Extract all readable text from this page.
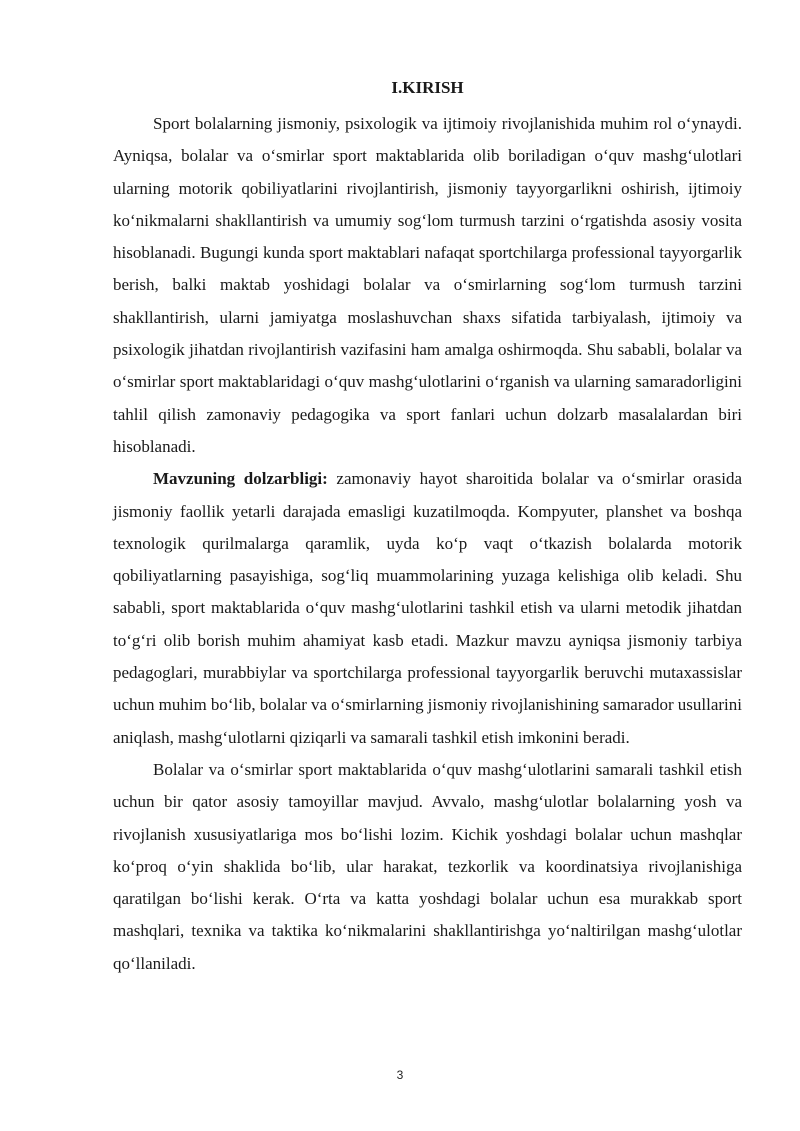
I.KIRISH

Sport bolalarning jismoniy, psixologik va ijtimoiy rivojlanishida muhim rol o‘ynaydi. Ayniqsa, bolalar va o‘smirlar sport maktablarida olib boriladigan o‘quv mashg‘ulotlari ularning motorik qobiliyatlarini rivojlantirish, jismoniy tayyorgarlikni oshirish, ijtimoiy ko‘nikmalarni shakllantirish va umumiy sog‘lom turmush tarzini o‘rgatishda asosiy vosita hisoblanadi. Bugungi kunda sport maktablari nafaqat sportchilarga professional tayyorgarlik berish, balki maktab yoshidagi bolalar va o‘smirlarning sog‘lom turmush tarzini shakllantirish, ularni jamiyatga moslashuvchan shaxs sifatida tarbiyalash, ijtimoiy va psixologik jihatdan rivojlantirish vazifasini ham amalga oshirmoqda. Shu sababli, bolalar va o‘smirlar sport maktablaridagi o‘quv mashg‘ulotlarini o‘rganish va ularning samaradorligini tahlil qilish zamonaviy pedagogika va sport fanlari uchun dolzarb masalalardan biri hisoblanadi.

Mavzuning dolzarbligi: zamonaviy hayot sharoitida bolalar va o‘smirlar orasida jismoniy faollik yetarli darajada emasligi kuzatilmoqda. Kompyuter, planshet va boshqa texnologik qurilmalarga qaramlik, uyda ko‘p vaqt o‘tkazish bolalarda motorik qobiliyatlarning pasayishiga, sog‘liq muammolarining yuzaga kelishiga olib keladi. Shu sababli, sport maktablarida o‘quv mashg‘ulotlarini tashkil etish va ularni metodik jihatdan to‘g‘ri olib borish muhim ahamiyat kasb etadi. Mazkur mavzu ayniqsa jismoniy tarbiya pedagoglari, murabbiylar va sportchilarga professional tayyorgarlik beruvchi mutaxassislar uchun muhim bo‘lib, bolalar va o‘smirlarning jismoniy rivojlanishining samarador usullarini aniqlash, mashg‘ulotlarni qiziqarli va samarali tashkil etish imkonini beradi.

Bolalar va o‘smirlar sport maktablarida o‘quv mashg‘ulotlarini samarali tashkil etish uchun bir qator asosiy tamoyillar mavjud. Avvalo, mashg‘ulotlar bolalarning yosh va rivojlanish xususiyatlariga mos bo‘lishi lozim. Kichik yoshdagi bolalar uchun mashqlar ko‘proq o‘yin shaklida bo‘lib, ular harakat, tezkorlik va koordinatsiya rivojlanishiga qaratilgan bo‘lishi kerak. O‘rta va katta yoshdagi bolalar uchun esa murakkab sport mashqlari, texnika va taktika ko‘nikmalarini shakllantirishga yo‘naltirilgan mashg‘ulotlar qo‘llaniladi.

3
